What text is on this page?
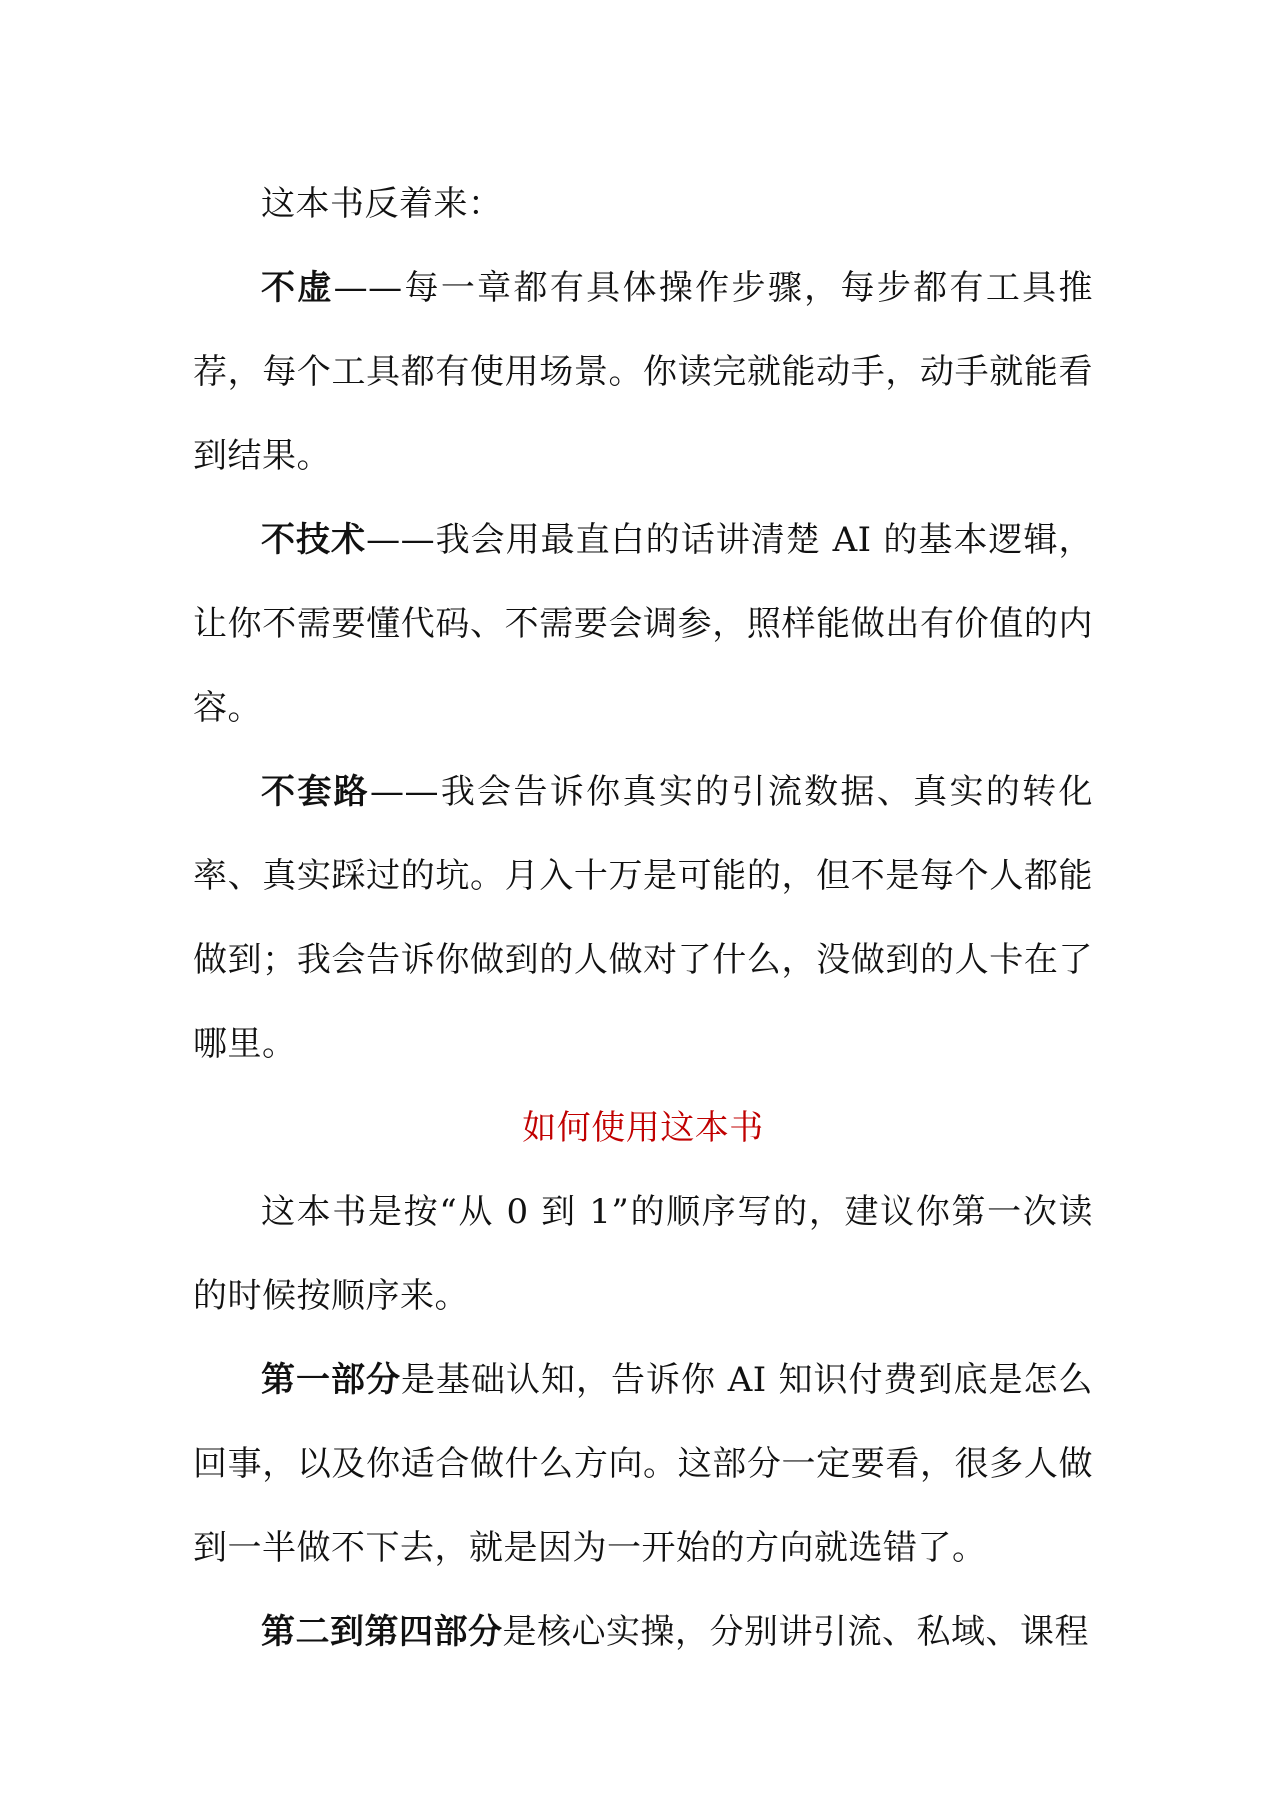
这本书反着来：

不虚——每一章都有具体操作步骤，每步都有工具推荐，每个工具都有使用场景。你读完就能动手，动手就能看到结果。

不技术——我会用最直白的话讲清楚 AI 的基本逻辑，让你不需要懂代码、不需要会调参，照样能做出有价值的内容。

不套路——我会告诉你真实的引流数据、真实的转化率、真实踩过的坑。月入十万是可能的，但不是每个人都能做到；我会告诉你做到的人做对了什么，没做到的人卡在了哪里。

如何使用这本书

这本书是按“从 0 到 1”的顺序写的，建议你第一次读的时候按顺序来。

第一部分是基础认知，告诉你 AI 知识付费到底是怎么回事，以及你适合做什么方向。这部分一定要看，很多人做到一半做不下去，就是因为一开始的方向就选错了。

第二到第四部分是核心实操，分别讲引流、私域、课程
